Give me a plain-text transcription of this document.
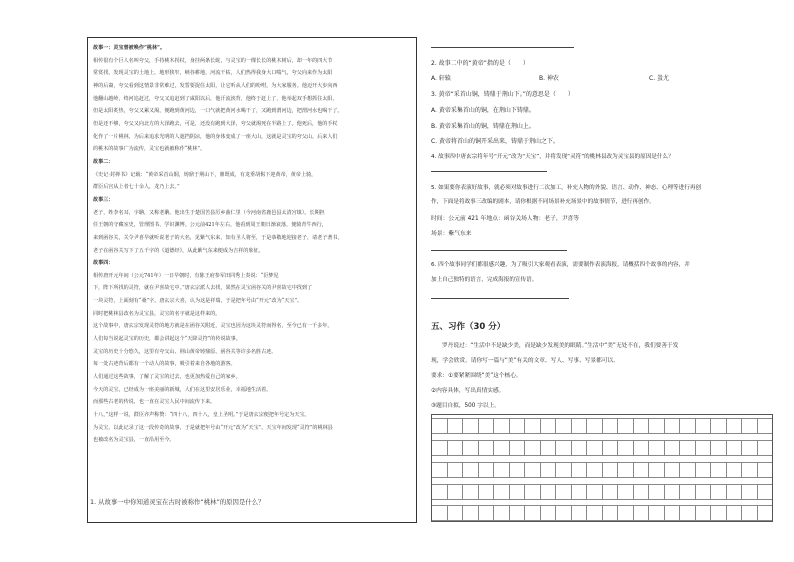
故事一：灵宝曾被唤作“桃林”。

相传很有个巨人名叫夸父，手持桃木拐杖，身挂两条长蛇，与灵宝的一棵长长的桃木树后，却一年的四大节

常赏找，发现灵宝的土地上，地形狭窄，峡谷耕地，河流干枯，人们热得我身大口喘气，夸父向来作为太阳

神的后裔，夸父看到这情景非常难过，发誓要捉住太阳，让它听从人们的吩咐。为大家服务。他迈开大步向西

他翻山越岭，终河追赶过，夸父又追赶到了咸阳以后，他汗流浃背，他终于赶上了，他举起双手想抓住太阳，

但是太阳炙热，夸父又累又渴，便跑到黄河边，一口气就把黄河水喝干了，又跑到渭河边，把渭河水也喝干了。

但是还不够，夸父又向北方的大泽跑去，可是，还没有跑到大泽，夸父就渴死在半路上了。他死后，他的手杖

化作了一片桃林，为后来追求光明的人遮挡阴凉，他的身体变成了一座大山，这就是灵宝的夸父山。后来人们

的桃木的故事广为流传，灵宝也就被称作“桃林”。

故事二：

《史记·封禅书》记载：“黄帝采首山铜，铸鼎于荆山下，鼎既成，有龙垂胡髯下迎黄帝，黄帝上骑，

群臣后宫从上者七十余人，龙乃上去。”

故事三：

老子，姓李名耳，字聃，又称老聃。他出生于楚国苦县厉乡曲仁里（今河南省鹿邑县太清宫镇）。长期担

任王朝的守藏室史，管理图书，学识渊博。公元前421年左右，他看到周王朝日渐衰落，便骑青牛西行，

来到函谷关，关令尹喜早就听说老子的大名，见紫气东来，知有圣人将至，于是恭敬地迎接老子，请老子著书，

老子在函谷关写下了五千字的《道德经》，从此紫气东来便成为吉祥的象征。

故事四：

相传唐开元年间（公元741年）一日早朝时，有陈王府参军田同秀上奏说：“臣梦见

下，陛下所找的灵符，就在尹喜故宅中。”唐玄宗派人去找，果然在灵宝函谷关的尹喜故宅中找到了

一块灵符，上面刻有“桑”字。唐玄宗大喜，认为这是祥瑞，于是把年号由“开元”改为“天宝”。

同时把桃林县改名为灵宝县，灵宝的名字就是这样来的。

这个故事中，唐玄宗发现灵符的地方就是在函谷关附近，灵宝也因为这块灵符而得名，至今已有一千多年。

人们每当说起灵宝的历史，都会讲起这个“天降灵符”的传说故事。

灵宝的历史十分悠久，这里有夸父山、荆山黄帝铸鼎原、函谷关等许多名胜古迹。

每一处古迹背后都有一个动人的故事，吸引着来自各地的游客。

人们通过这些故事，了解了灵宝的过去，也更加热爱自己的家乡。

今天的灵宝，已经成为一座美丽的新城，人们在这里安居乐业，幸福地生活着。

而那些古老的传说，也一直在灵宝人民中间流传下来。

十八，”这样一说，群臣齐声称赞：“四十八，四十八，皇上圣明。”于是唐玄宗便把年号定为天宝。

为灵宝，以此记录了这一段传奇的故事，于是就把年号由“开元”改为“天宝”。天宝年间发现“灵符”的桃林县

也被改名为灵宝县，一直沿用至今。

1. 从故事一中你知道灵宝在古时被称作“桃林”的原因是什么？
2. 故事二中的“黄帝”指的是（　　）
A. 轩辕	B. 神农	C. 蚩尤
3. 黄帝“采首山铜，铸鼎于荆山下。”的意思是（　　）
A. 黄帝采集首山的铜，在荆山下铸鼎。
B. 黄帝采集首山的铜，铸鼎在荆山上。
C. 黄帝将首山的铜开采出来，铸鼎于荆山之下。
4. 故事四中唐玄宗将年号“开元”改为“天宝”，并将发现“灵符”的桃林县改为灵宝县的原因是什么？
5. 如果要你表演好故事，就必须对故事进行二次加工，补充人物的外貌、语言、动作、神态、心理等进行再创
作，下面是将故事三改编的剧本，请你根据不同场景补充场景中的故事情节，进行再创作。
时间：公元前 421 年地点：函谷关场人物：老子，尹喜等
场景：紫气东来
6. 四个故事同学们都很感兴趣，为了吸引大家观看表演，需要制作表演海报，请概括四个故事的内容，并
加上自己独特的语言，完成海报的宣传语。
五、习作（30 分）
罗丹说过：“生活中不是缺少美，而是缺少发现美的眼睛。”生活中“美”无处不在，我们要善于发
现，学会欣赏。请你写一篇与“美”有关的文章。写人、写事、写景都可以。
要求：①要紧紧围绕“美”这个核心。
②内容具体，写出真情实感。
③题目自拟，500 字以上。
